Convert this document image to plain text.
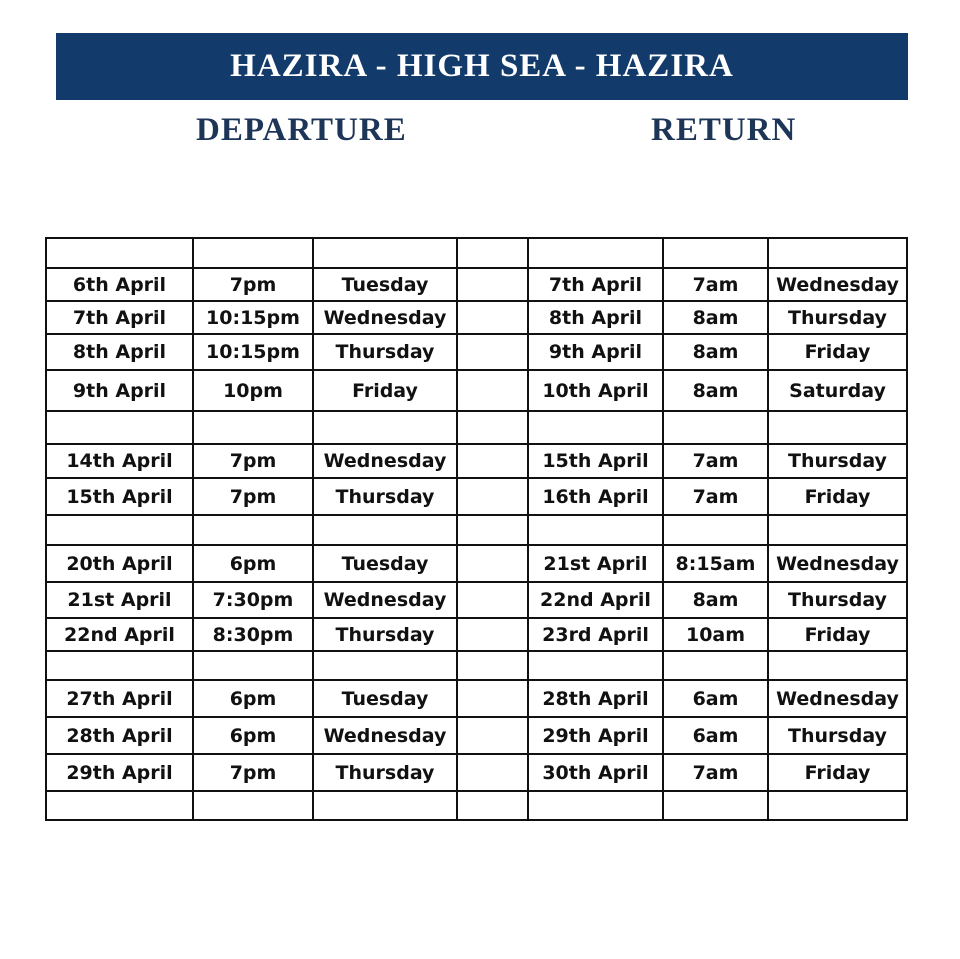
HAZIRA - HIGH SEA - HAZIRA
DEPARTURE	RETURN

6th April	7pm	Tuesday		7th April	7am	Wednesday
7th April	10:15pm	Wednesday		8th April	8am	Thursday
8th April	10:15pm	Thursday		9th April	8am	Friday
9th April	10pm	Friday		10th April	8am	Saturday

14th April	7pm	Wednesday		15th April	7am	Thursday
15th April	7pm	Thursday		16th April	7am	Friday

20th April	6pm	Tuesday		21st April	8:15am	Wednesday
21st April	7:30pm	Wednesday		22nd April	8am	Thursday
22nd April	8:30pm	Thursday		23rd April	10am	Friday

27th April	6pm	Tuesday		28th April	6am	Wednesday
28th April	6pm	Wednesday		29th April	6am	Thursday
29th April	7pm	Thursday		30th April	7am	Friday
